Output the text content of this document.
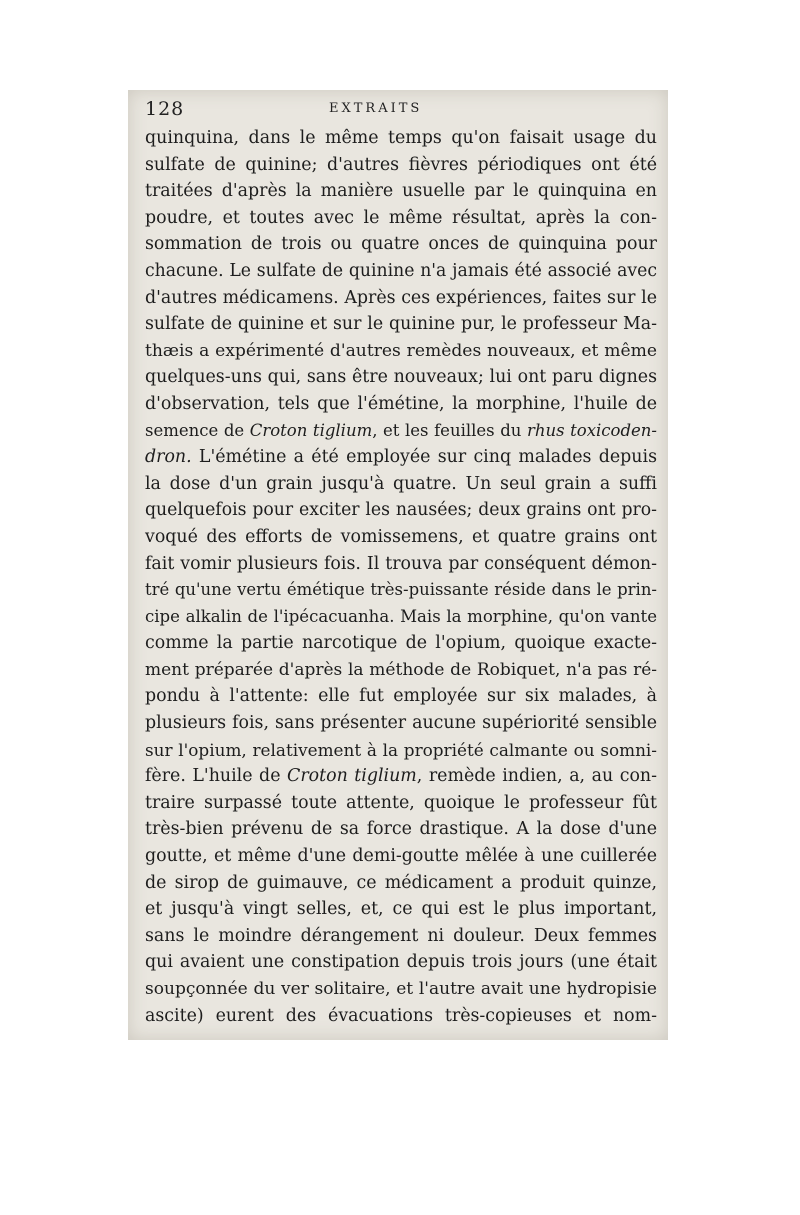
128	EXTRAITS
quinquina, dans le même temps qu'on faisait usage du
sulfate de quinine; d'autres fièvres périodiques ont été
traitées d'après la manière usuelle par le quinquina en
poudre, et toutes avec le même résultat, après la con-
sommation de trois ou quatre onces de quinquina pour
chacune. Le sulfate de quinine n'a jamais été associé avec
d'autres médicamens. Après ces expériences, faites sur le
sulfate de quinine et sur le quinine pur, le professeur Ma-
thæis a expérimenté d'autres remèdes nouveaux, et même
quelques-uns qui, sans être nouveaux; lui ont paru dignes
d'observation, tels que l'émétine, la morphine, l'huile de
semence de Croton tiglium, et les feuilles du rhus toxicoden-
dron. L'émétine a été employée sur cinq malades depuis
la dose d'un grain jusqu'à quatre. Un seul grain a suffi
quelquefois pour exciter les nausées; deux grains ont pro-
voqué des efforts de vomissemens, et quatre grains ont
fait vomir plusieurs fois. Il trouva par conséquent démon-
tré qu'une vertu émétique très-puissante réside dans le prin-
cipe alkalin de l'ipécacuanha. Mais la morphine, qu'on vante
comme la partie narcotique de l'opium, quoique exacte-
ment préparée d'après la méthode de Robiquet, n'a pas ré-
pondu à l'attente: elle fut employée sur six malades, à
plusieurs fois, sans présenter aucune supériorité sensible
sur l'opium, relativement à la propriété calmante ou somni-
fère. L'huile de Croton tiglium, remède indien, a, au con-
traire surpassé toute attente, quoique le professeur fût
très-bien prévenu de sa force drastique. A la dose d'une
goutte, et même d'une demi-goutte mêlée à une cuillerée
de sirop de guimauve, ce médicament a produit quinze,
et jusqu'à vingt selles, et, ce qui est le plus important,
sans le moindre dérangement ni douleur. Deux femmes
qui avaient une constipation depuis trois jours (une était
soupçonnée du ver solitaire, et l'autre avait une hydropisie
ascite) eurent des évacuations très-copieuses et nom-
